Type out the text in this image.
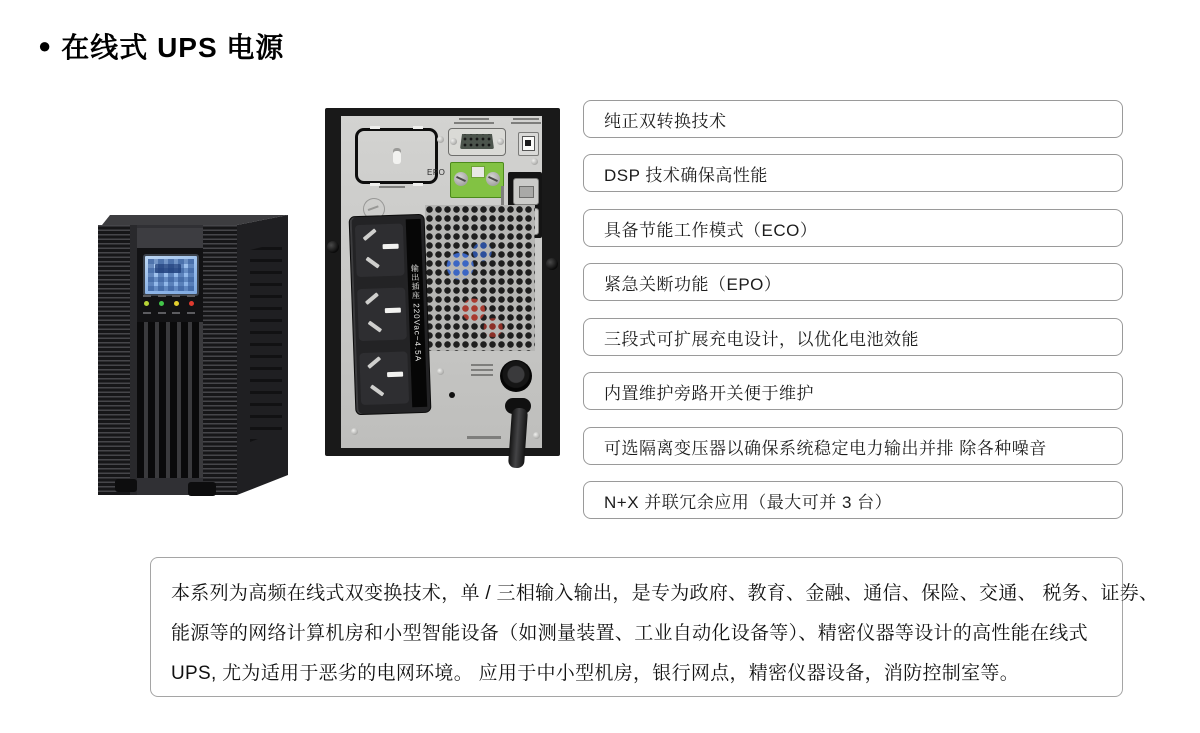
● 在线式 UPS 电源
EPO
输出插座 220Vac~4.5A
纯正双转换技术
DSP 技术确保高性能
具备节能工作模式（ECO）
紧急关断功能（EPO）
三段式可扩展充电设计，以优化电池效能
内置维护旁路开关便于维护
可选隔离变压器以确保系统稳定电力输出并排 除各种噪音
N+X 并联冗余应用（最大可并 3 台）
本系列为高频在线式双变换技术，单 / 三相输入输出，是专为政府、教育、金融、通信、保险、交通、 税务、证券、
能源等的网络计算机房和小型智能设备（如测量装置、工业自动化设备等）、精密仪器等设计的高性能在线式
UPS, 尤为适用于恶劣的电网环境。 应用于中小型机房，银行网点，精密仪器设备，消防控制室等。
